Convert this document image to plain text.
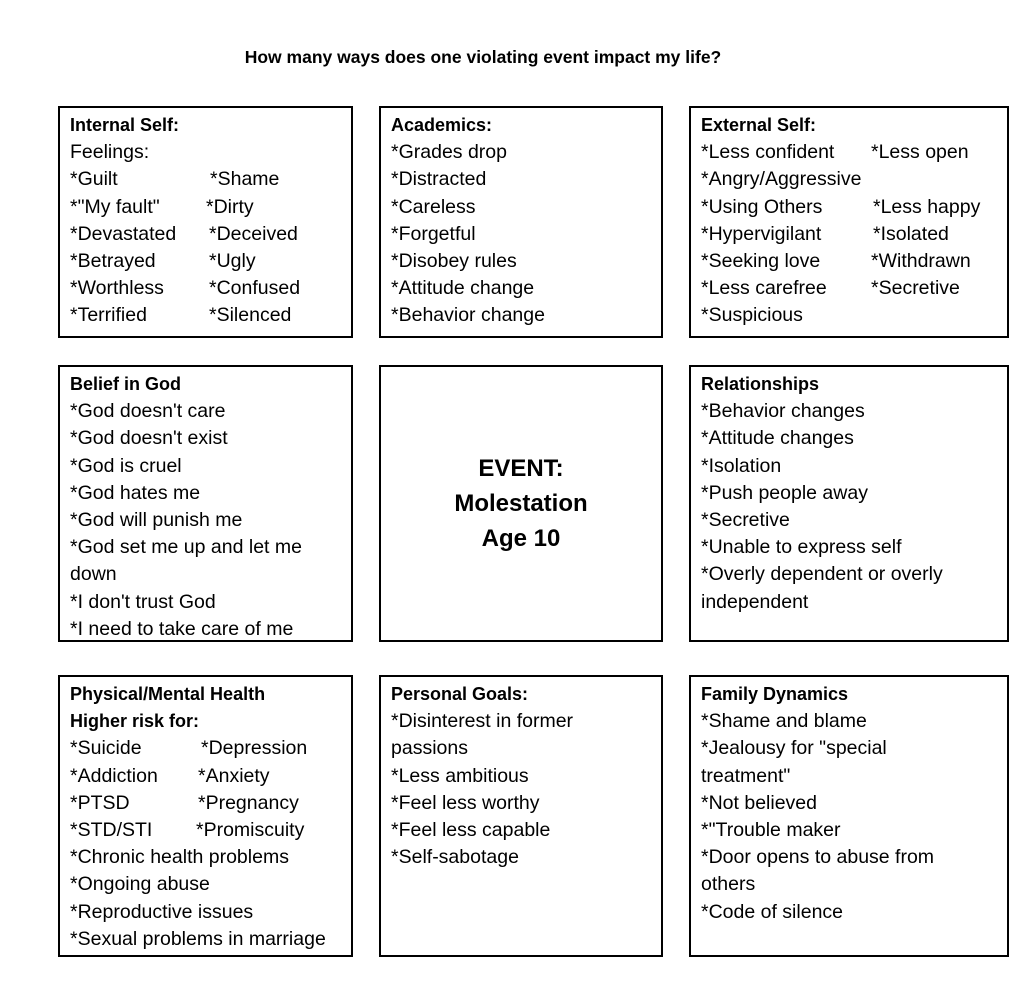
How many ways does one violating event impact my life?
Internal Self:
Feelings:
*Guilt	*Shame
*"My fault"	*Dirty
*Devastated	*Deceived
*Betrayed	*Ugly
*Worthless	*Confused
*Terrified	*Silenced
Academics:
*Grades drop
*Distracted
*Careless
*Forgetful
*Disobey rules
*Attitude change
*Behavior change
External Self:
*Less confident	*Less open
*Angry/Aggressive
*Using Others	*Less happy
*Hypervigilant	*Isolated
*Seeking love	*Withdrawn
*Less carefree	*Secretive
*Suspicious
Belief in God
*God doesn't care
*God doesn't exist
*God is cruel
*God hates me
*God will punish me
*God set me up and let me
down
*I don't trust God
*I need to take care of me
EVENT:
Molestation
Age 10
Relationships
*Behavior changes
*Attitude changes
*Isolation
*Push people away
*Secretive
*Unable to express self
*Overly dependent or overly
independent
Physical/Mental Health
Higher risk for:
*Suicide	*Depression
*Addiction	*Anxiety
*PTSD	*Pregnancy
*STD/STI	*Promiscuity
*Chronic health problems
*Ongoing abuse
*Reproductive issues
*Sexual problems in marriage
Personal Goals:
*Disinterest in former
passions
*Less ambitious
*Feel less worthy
*Feel less capable
*Self-sabotage
Family Dynamics
*Shame and blame
*Jealousy for "special
treatment"
*Not believed
*"Trouble maker
*Door opens to abuse from
others
*Code of silence
